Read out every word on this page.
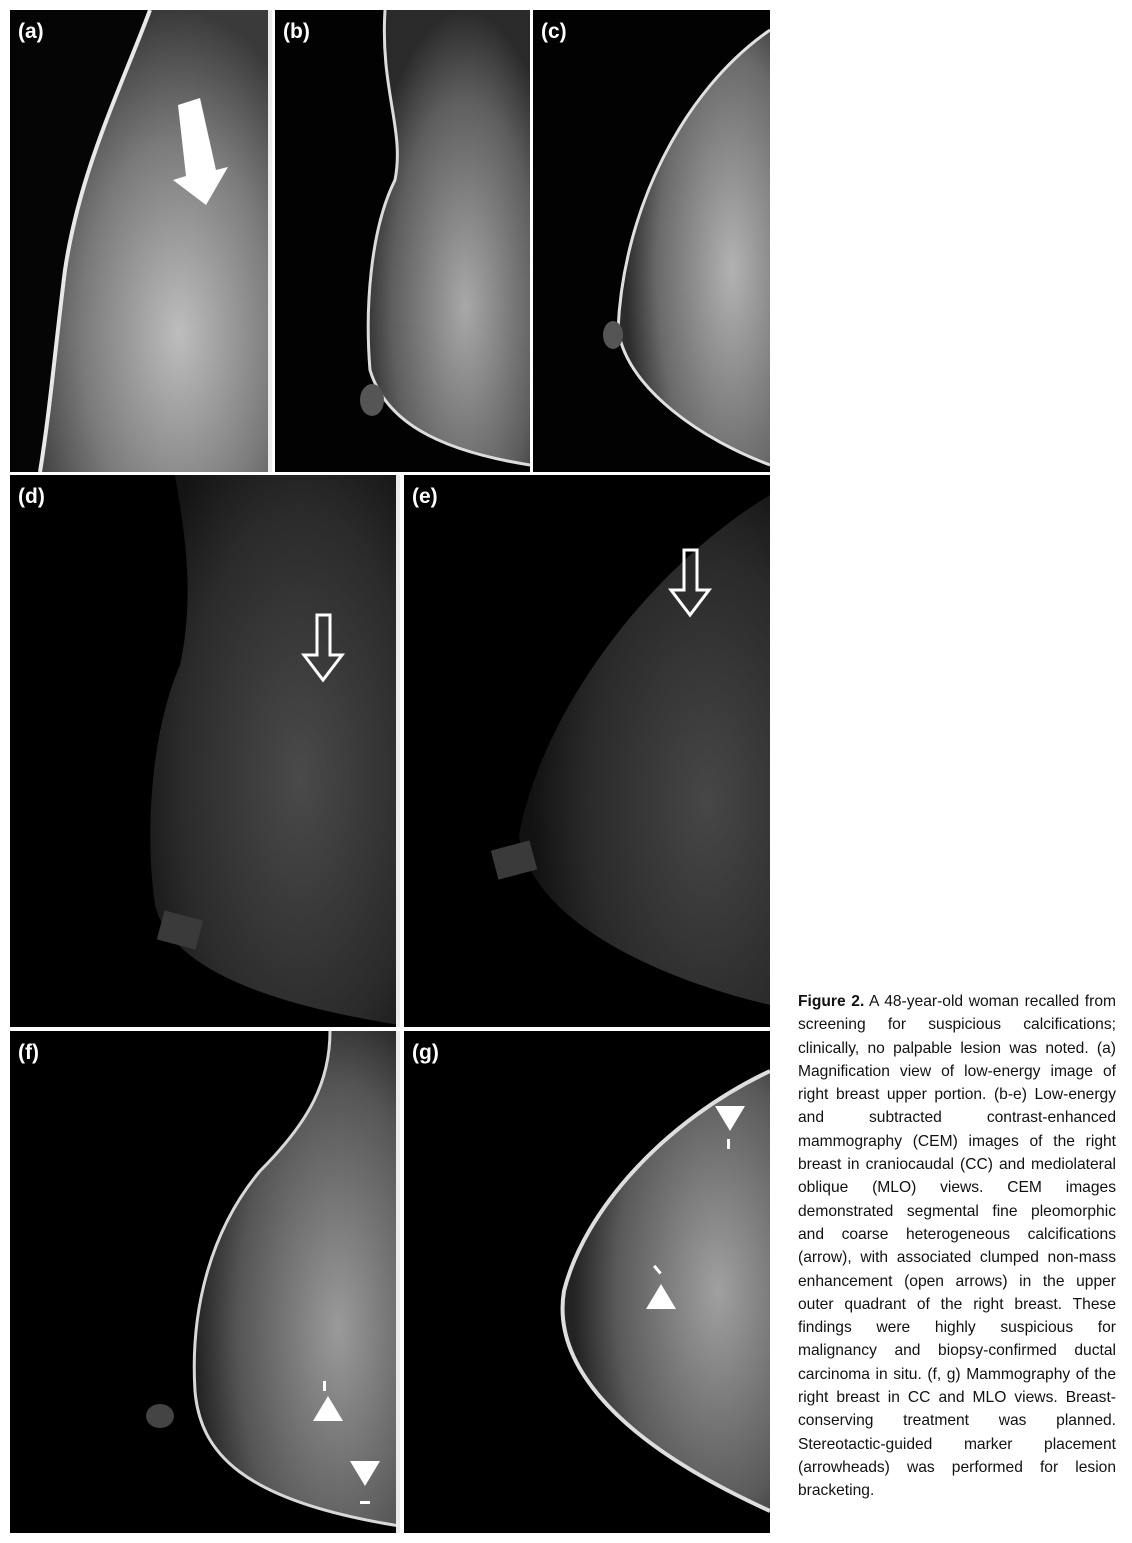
(a)	(b)	(c)
(d)	(e)
(f)	(g)
Figure 2. A 48-year-old woman recalled from screening for suspicious calcifications; clinically, no palpable lesion was noted. (a) Magnification view of low-energy image of right breast upper portion. (b-e) Low-energy and subtracted contrast-enhanced mammography (CEM) images of the right breast in craniocaudal (CC) and mediolateral oblique (MLO) views. CEM images demonstrated segmental fine pleomorphic and coarse heterogeneous calcifications (arrow), with associated clumped non-mass enhancement (open arrows) in the upper outer quadrant of the right breast. These findings were highly suspicious for malignancy and biopsy-confirmed ductal carcinoma in situ. (f, g) Mammography of the right breast in CC and MLO views. Breast-conserving treatment was planned. Stereotactic-guided marker placement (arrowheads) was performed for lesion bracketing.
